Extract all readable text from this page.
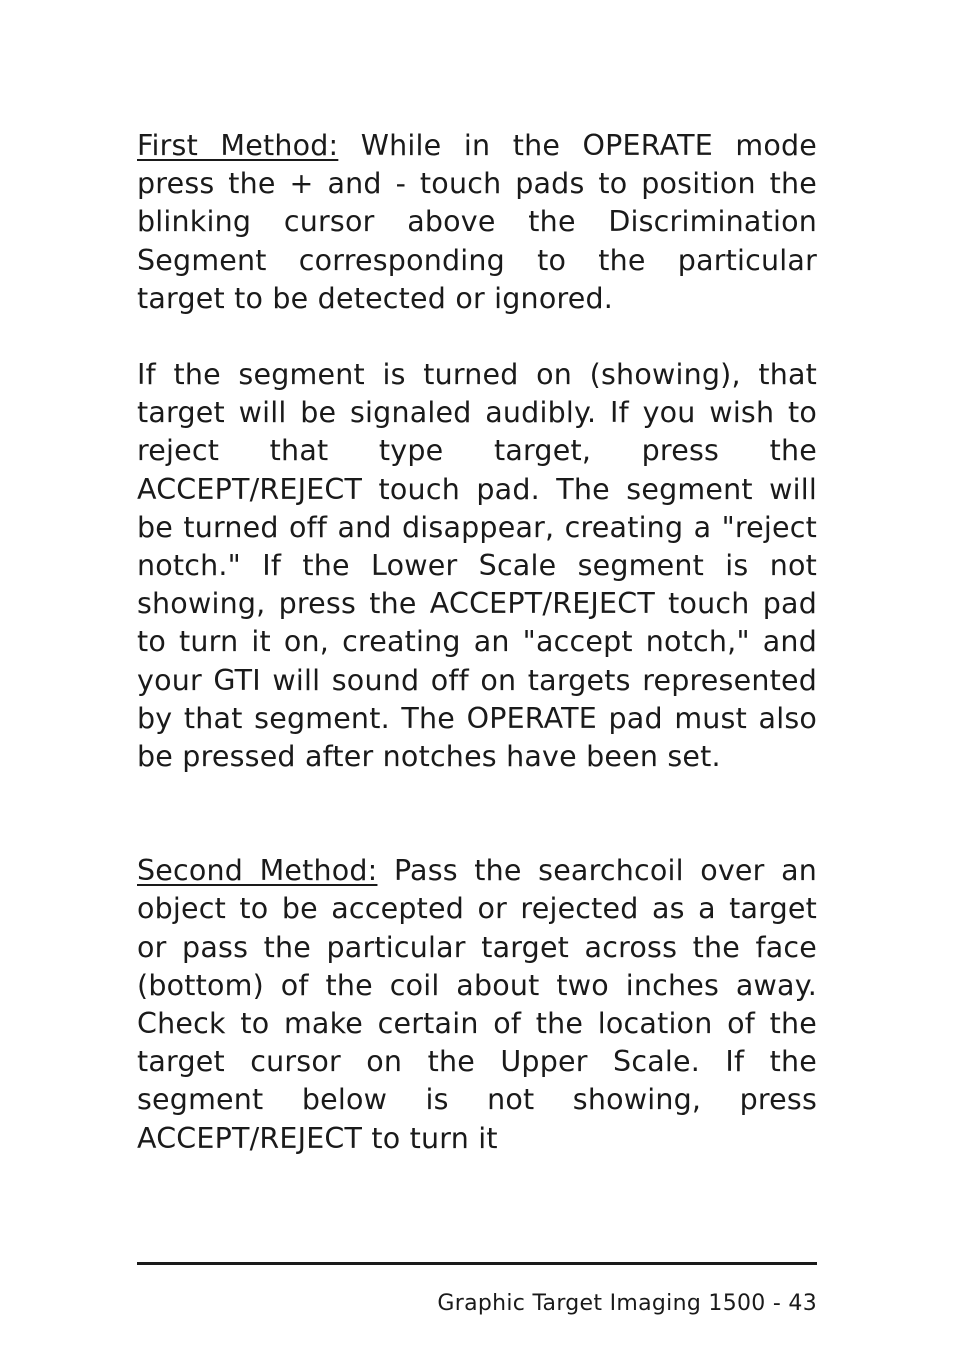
First Method: While in the OPERATE mode press the + and - touch pads to position the blinking cursor above the Discrimination Segment corresponding to the particular target to be detected or ignored.

If the segment is turned on (showing), that target will be signaled audibly. If you wish to reject that type target, press the ACCEPT/REJECT touch pad. The segment will be turned off and disappear, creating a "reject notch." If the Lower Scale segment is not showing, press the ACCEPT/REJECT touch pad to turn it on, creating an "accept notch," and your GTI will sound off on targets represented by that segment. The OPERATE pad must also be pressed after notches have been set.

Second Method: Pass the searchcoil over an object to be accepted or rejected as a target or pass the particular target across the face (bottom) of the coil about two inches away. Check to make certain of the location of the target cursor on the Upper Scale. If the segment below is not showing, press ACCEPT/REJECT to turn it

Graphic Target Imaging 1500 - 43
